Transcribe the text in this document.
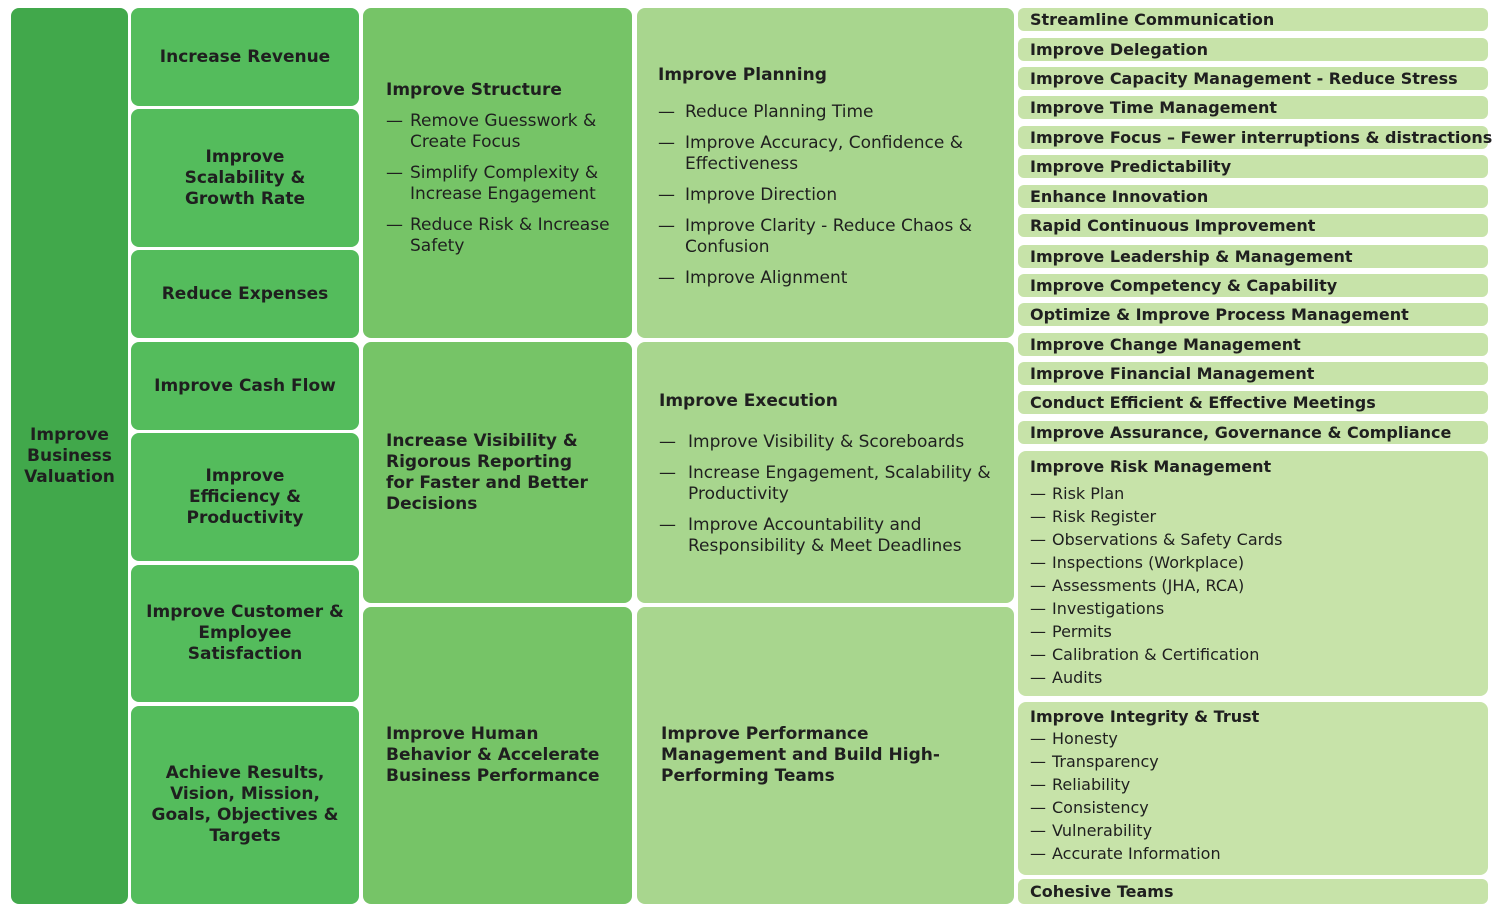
Improve Business Valuation
Increase Revenue
Improve Scalability & Growth Rate
Reduce Expenses
Improve Cash Flow
Improve Efficiency & Productivity
Improve Customer & Employee Satisfaction
Achieve Results, Vision, Mission, Goals, Objectives & Targets
Improve Structure
— Remove Guesswork & Create Focus
— Simplify Complexity & Increase Engagement
— Reduce Risk & Increase Safety
Increase Visibility & Rigorous Reporting for Faster and Better Decisions
Improve Human Behavior & Accelerate Business Performance
Improve Planning
— Reduce Planning Time
— Improve Accuracy, Confidence & Effectiveness
— Improve Direction
— Improve Clarity - Reduce Chaos & Confusion
— Improve Alignment
Improve Execution
— Improve Visibility & Scoreboards
— Increase Engagement, Scalability & Productivity
— Improve Accountability and Responsibility & Meet Deadlines
Improve Performance Management and Build High-Performing Teams
Streamline Communication
Improve Delegation
Improve Capacity Management - Reduce Stress
Improve Time Management
Improve Focus – Fewer interruptions & distractions
Improve Predictability
Enhance Innovation
Rapid Continuous Improvement
Improve Leadership & Management
Improve Competency & Capability
Optimize & Improve Process Management
Improve Change Management
Improve Financial Management
Conduct Efficient & Effective Meetings
Improve Assurance, Governance & Compliance
Improve Risk Management
— Risk Plan
— Risk Register
— Observations & Safety Cards
— Inspections (Workplace)
— Assessments (JHA, RCA)
— Investigations
— Permits
— Calibration & Certification
— Audits
Improve Integrity & Trust
— Honesty
— Transparency
— Reliability
— Consistency
— Vulnerability
— Accurate Information
Cohesive Teams
